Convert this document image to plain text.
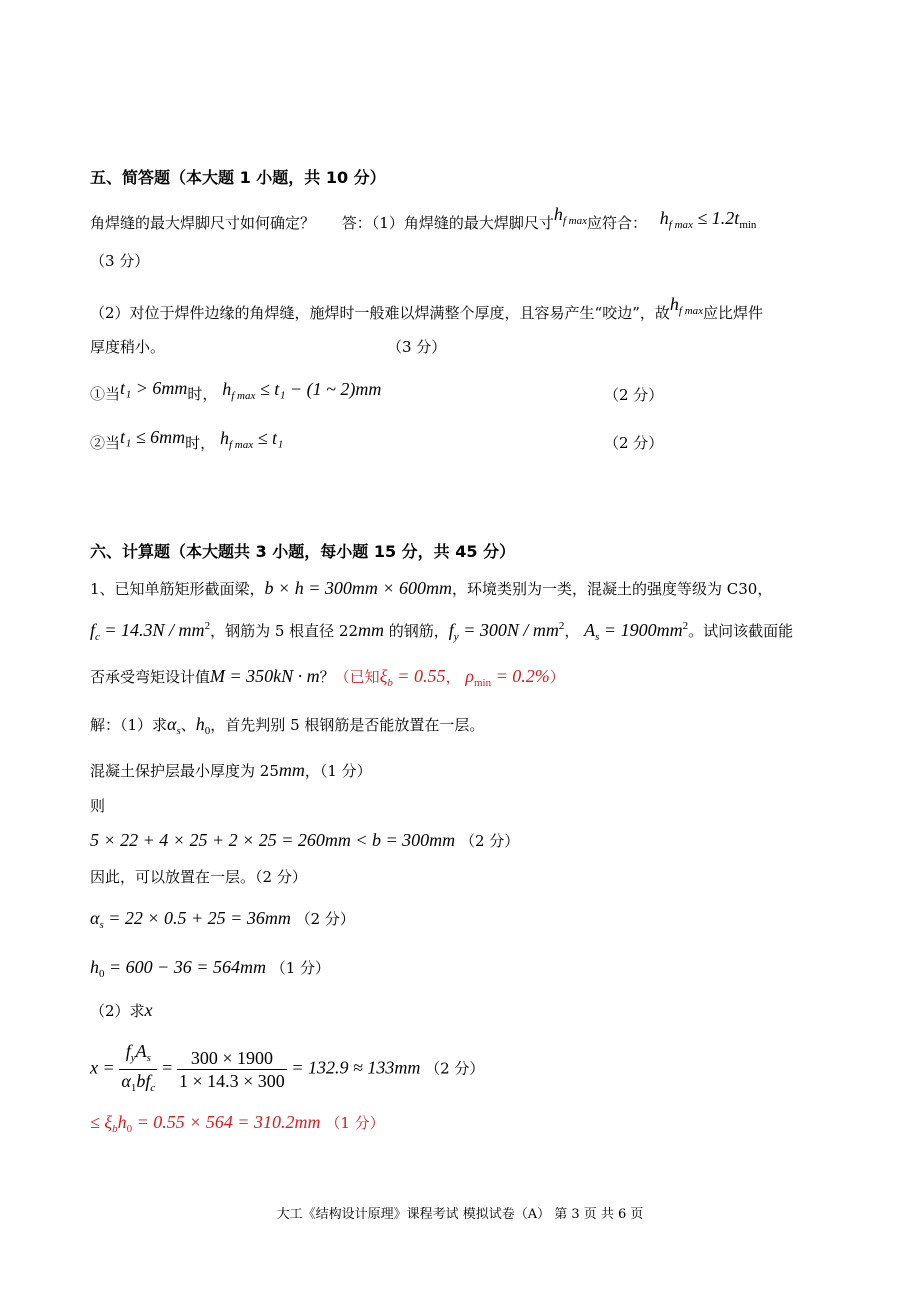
五、简答题（本大题 1 小题，共 10 分）
角焊缝的最大焊脚尺寸如何确定？ 答：（1）角焊缝的最大焊脚尺寸$h_{f max}$应符合： $h_{f max} \le 1.2t_{min}$
（3 分）
（2）对位于焊件边缘的角焊缝，施焊时一般难以焊满整个厚度，且容易产生“咬边”，故$h_{f max}$应比焊件
厚度稍小。	（3 分）
①当t₁ > 6mm时， $h_{f max} \le t_1 - (1$ ~ 2)mm	（2 分）
②当t₁ ≤ 6mm时， $h_{f max} \le t_1$	（2 分）
六、计算题（本大题共 3 小题，每小题 15 分，共 45 分）
1、已知单筋矩形截面梁，b × h = 300mm × 600mm，环境类别为一类，混凝土的强度等级为 C30，
$f_c = 14.3N / mm^2$，钢筋为 5 根直径 22mm 的钢筋，$f_y = 300N / mm^2$， $A_s = 1900mm^2$。试问该截面能
否承受弯矩设计值M = 350kN · m？（已知$\xi_b = 0.55$， $\rho_{min} = 0.2\%$）
解：（1）求$\alpha_s$、$h_0$，首先判别 5 根钢筋是否能放置在一层。
混凝土保护层最小厚度为 25mm，（1 分）
则
5 × 22 + 4 × 25 + 2 × 25 = 260mm < b = 300mm （2 分）
因此，可以放置在一层。（2 分）
$\alpha_s = 22 \times 0.5 + 25 = 36mm$ （2 分）
$h_0 = 600 - 36 = 564mm$ （1 分）
（2）求x
$x = \frac{f_yA_s}{\alpha_1bf_c} = \frac{300 \times 1900}{1 \times 14.3 \times 300} = 132.9 \approx 133mm$ （2 分）
≤ $\xi_bh_0 = 0.55 \times 564 = 310.2mm$ （1 分）
大工《结构设计原理》课程考试 模拟试卷（A） 第 3 页 共 6 页
